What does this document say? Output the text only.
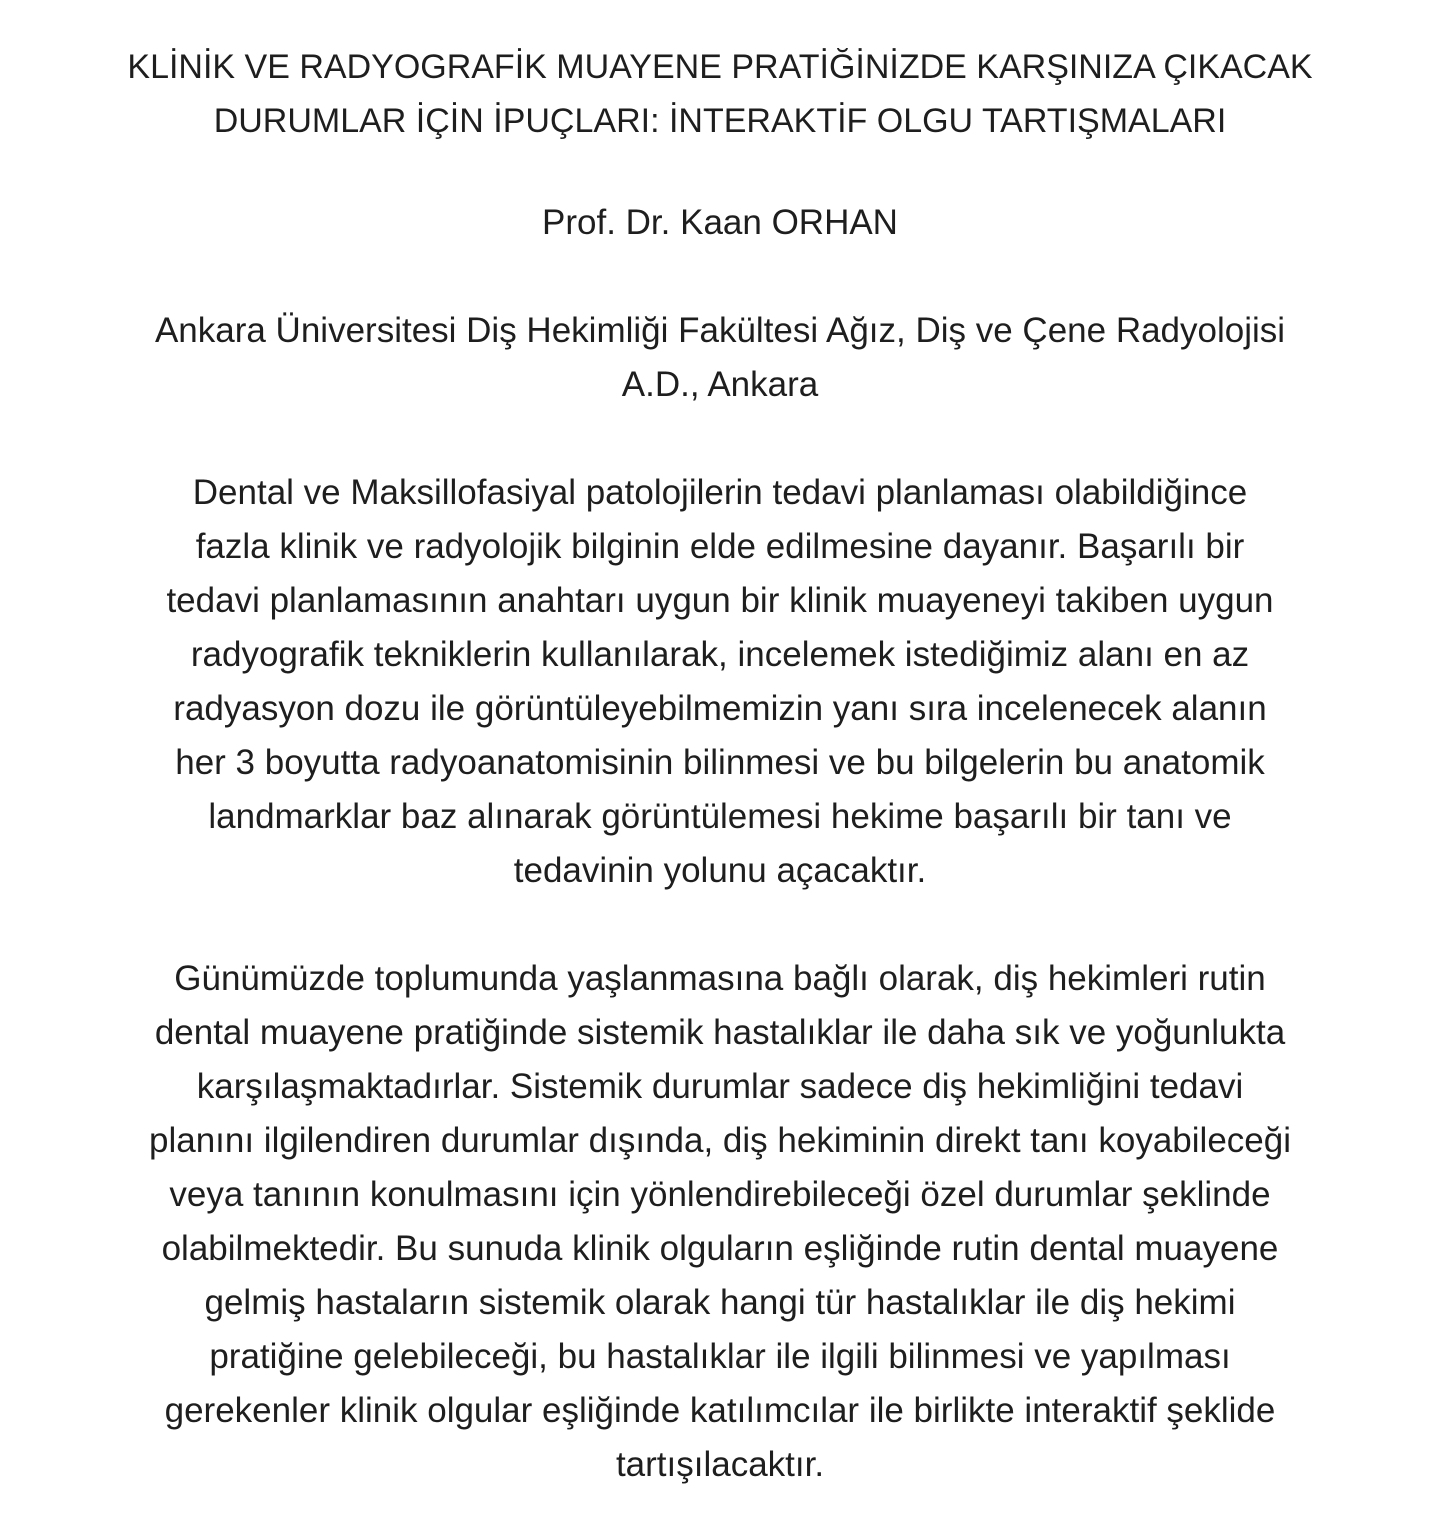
KLİNİK VE RADYOGRAFİK MUAYENE PRATİĞİNİZDE KARŞINIZA ÇIKACAK
DURUMLAR İÇİN İPUÇLARI: İNTERAKTİF OLGU TARTIŞMALARI

Prof. Dr. Kaan ORHAN

Ankara Üniversitesi Diş Hekimliği Fakültesi Ağız, Diş ve Çene Radyolojisi
A.D., Ankara

Dental ve Maksillofasiyal patolojilerin tedavi planlaması olabildiğince
fazla klinik ve radyolojik bilginin elde edilmesine dayanır. Başarılı bir
tedavi planlamasının anahtarı uygun bir klinik muayeneyi takiben uygun
radyografik tekniklerin kullanılarak, incelemek istediğimiz alanı en az
radyasyon dozu ile görüntüleyebilmemizin yanı sıra incelenecek alanın
her 3 boyutta radyoanatomisinin bilinmesi ve bu bilgelerin bu anatomik
landmarklar baz alınarak görüntülemesi hekime başarılı bir tanı ve
tedavinin yolunu açacaktır.

Günümüzde toplumunda yaşlanmasına bağlı olarak, diş hekimleri rutin
dental muayene pratiğinde sistemik hastalıklar ile daha sık ve yoğunlukta
karşılaşmaktadırlar. Sistemik durumlar sadece diş hekimliğini tedavi
planını ilgilendiren durumlar dışında, diş hekiminin direkt tanı koyabileceği
veya tanının konulmasını için yönlendirebileceği özel durumlar şeklinde
olabilmektedir. Bu sunuda klinik olguların eşliğinde rutin dental muayene
gelmiş hastaların sistemik olarak hangi tür hastalıklar ile diş hekimi
pratiğine gelebileceği, bu hastalıklar ile ilgili bilinmesi ve yapılması
gerekenler klinik olgular eşliğinde katılımcılar ile birlikte interaktif şeklide
tartışılacaktır.
